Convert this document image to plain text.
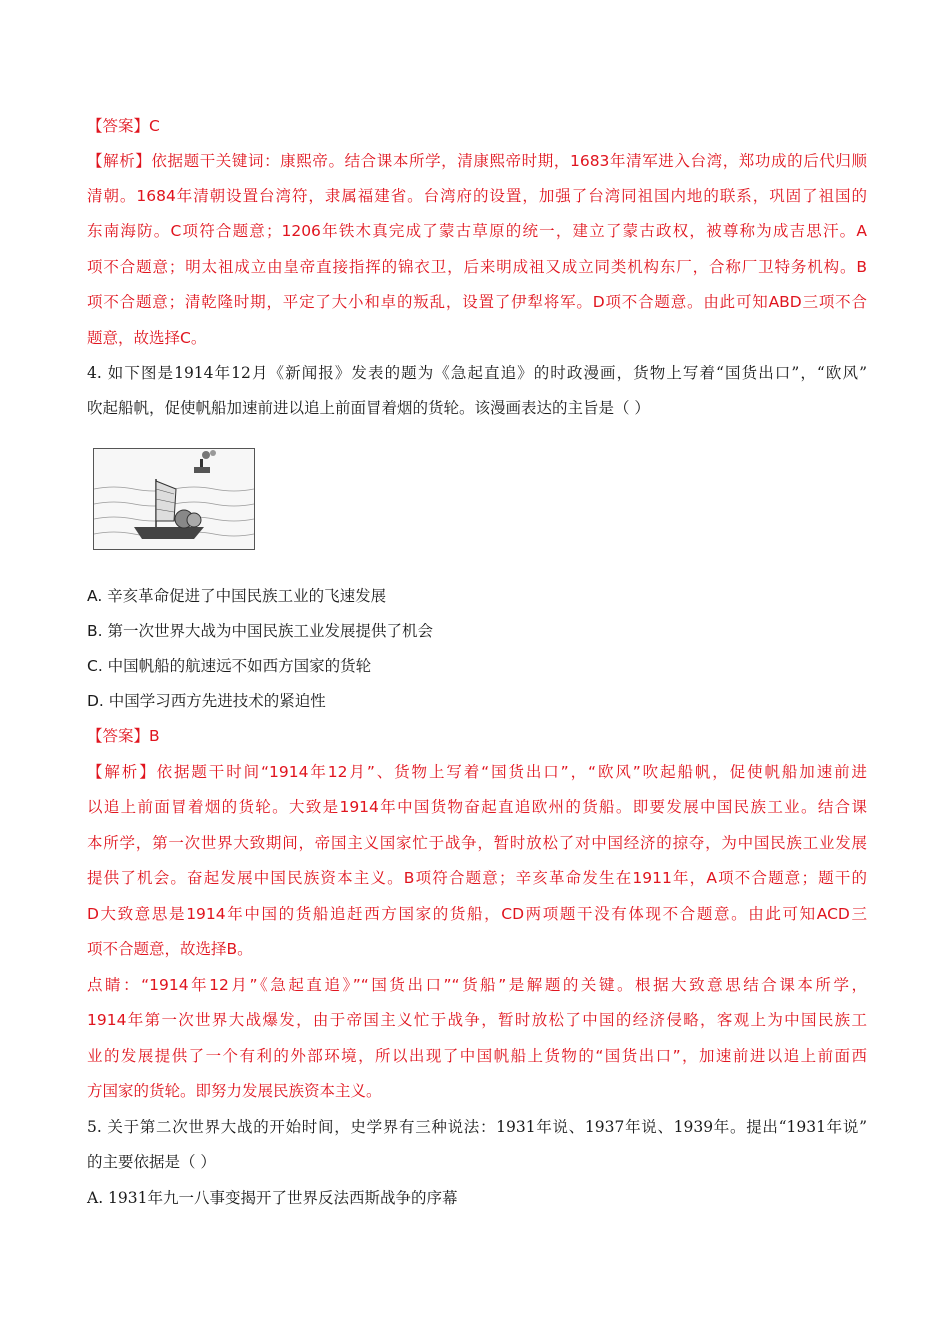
【答案】C
【解析】依据题干关键词：康熙帝。结合课本所学，清康熙帝时期，1683年清军进入台湾，郑功成的后代归顺
清朝。1684年清朝设置台湾符，隶属福建省。台湾府的设置，加强了台湾同祖国内地的联系，巩固了祖国的
东南海防。C项符合题意；1206年铁木真完成了蒙古草原的统一，建立了蒙古政权，被尊称为成吉思汗。A
项不合题意；明太祖成立由皇帝直接指挥的锦衣卫，后来明成祖又成立同类机构东厂，合称厂卫特务机构。B
项不合题意；清乾隆时期，平定了大小和卓的叛乱，设置了伊犁将军。D项不合题意。由此可知ABD三项不合
题意，故选择C。
4. 如下图是1914年12月《新闻报》发表的题为《急起直追》的时政漫画，货物上写着“国货出口”，“欧风”
吹起船帆，促使帆船加速前进以追上前面冒着烟的货轮。该漫画表达的主旨是（ ）
A. 辛亥革命促进了中国民族工业的飞速发展
B. 第一次世界大战为中国民族工业发展提供了机会
C. 中国帆船的航速远不如西方国家的货轮
D. 中国学习西方先进技术的紧迫性
【答案】B
【解析】依据题干时间“1914年12月”、货物上写着“国货出口”，“欧风”吹起船帆，促使帆船加速前进
以追上前面冒着烟的货轮。大致是1914年中国货物奋起直追欧州的货船。即要发展中国民族工业。结合课
本所学，第一次世界大致期间，帝国主义国家忙于战争，暂时放松了对中国经济的掠夺，为中国民族工业发展
提供了机会。奋起发展中国民族资本主义。B项符合题意；辛亥革命发生在1911年，A项不合题意；题干的
D大致意思是1914年中国的货船追赶西方国家的货船，CD两项题干没有体现不合题意。由此可知ACD三
项不合题意，故选择B。
点睛：“1914年12月”《急起直追》”“国货出口”“货船”是解题的关键。根据大致意思结合课本所学，
1914年第一次世界大战爆发，由于帝国主义忙于战争，暂时放松了中国的经济侵略，客观上为中国民族工
业的发展提供了一个有利的外部环境，所以出现了中国帆船上货物的“国货出口”，加速前进以追上前面西
方国家的货轮。即努力发展民族资本主义。
5. 关于第二次世界大战的开始时间，史学界有三种说法：1931年说、1937年说、1939年。提出“1931年说”
的主要依据是（ ）
A. 1931年九一八事变揭开了世界反法西斯战争的序幕
